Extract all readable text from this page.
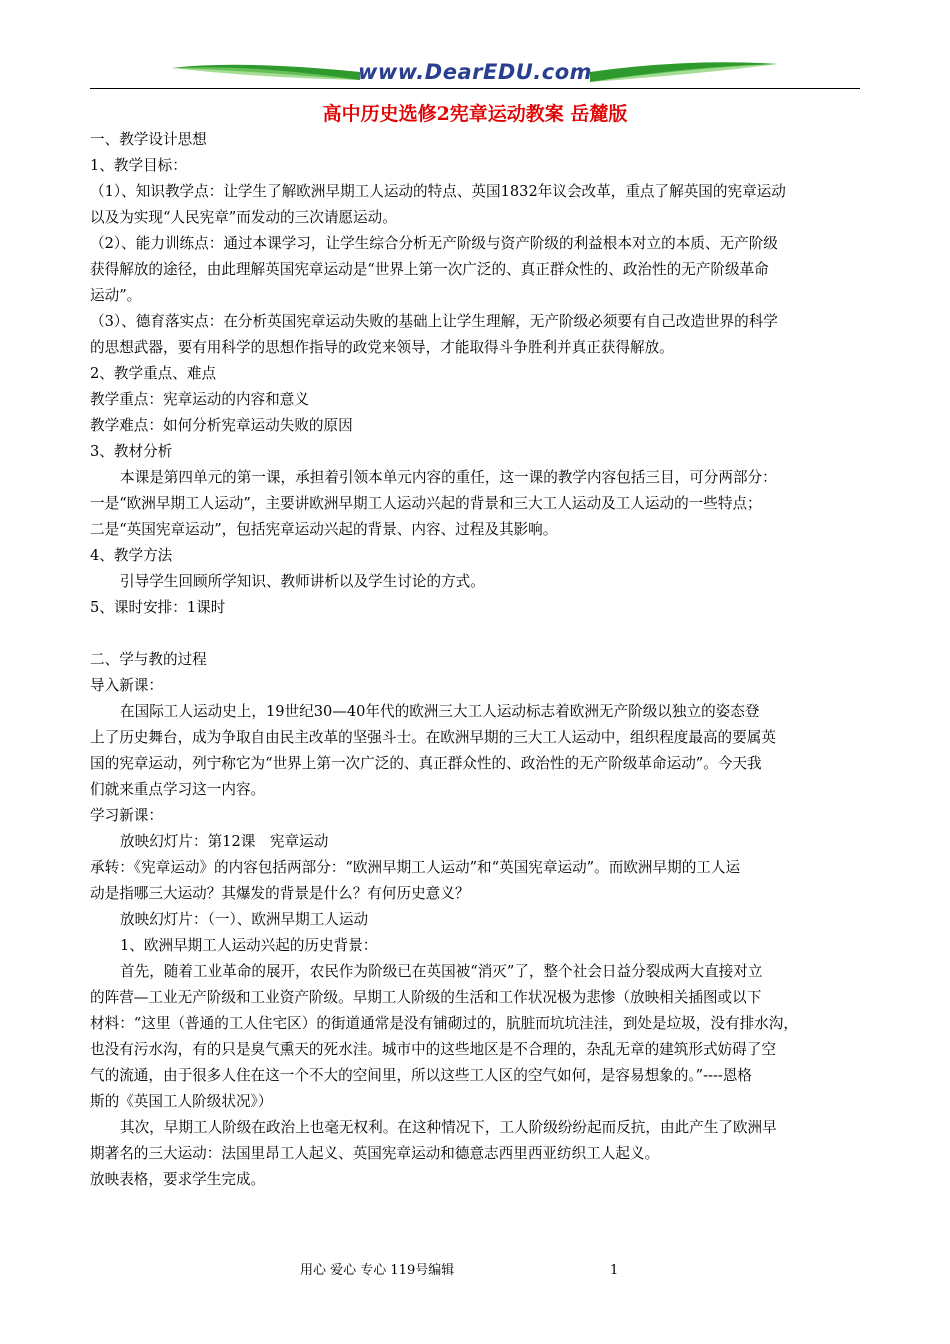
www.DearEDU.com
高中历史选修2宪章运动教案 岳麓版
一、教学设计思想
1、教学目标：
（1）、知识教学点：让学生了解欧洲早期工人运动的特点、英国1832年议会改革，重点了解英国的宪章运动
以及为实现“人民宪章”而发动的三次请愿运动。
（2）、能力训练点：通过本课学习，让学生综合分析无产阶级与资产阶级的利益根本对立的本质、无产阶级
获得解放的途径，由此理解英国宪章运动是“世界上第一次广泛的、真正群众性的、政治性的无产阶级革命
运动”。
（3）、德育落实点：在分析英国宪章运动失败的基础上让学生理解，无产阶级必须要有自己改造世界的科学
的思想武器，要有用科学的思想作指导的政党来领导，才能取得斗争胜利并真正获得解放。
2、教学重点、难点
教学重点：宪章运动的内容和意义
教学难点：如何分析宪章运动失败的原因
3、教材分析
本课是第四单元的第一课，承担着引领本单元内容的重任，这一课的教学内容包括三目，可分两部分：
一是“欧洲早期工人运动”，主要讲欧洲早期工人运动兴起的背景和三大工人运动及工人运动的一些特点；
二是“英国宪章运动”，包括宪章运动兴起的背景、内容、过程及其影响。
4、教学方法
引导学生回顾所学知识、教师讲析以及学生讨论的方式。
5、课时安排：1课时
二、学与教的过程
导入新课：
在国际工人运动史上，19世纪30—40年代的欧洲三大工人运动标志着欧洲无产阶级以独立的姿态登
上了历史舞台，成为争取自由民主改革的坚强斗士。在欧洲早期的三大工人运动中，组织程度最高的要属英
国的宪章运动，列宁称它为“世界上第一次广泛的、真正群众性的、政治性的无产阶级革命运动”。今天我
们就来重点学习这一内容。
学习新课：
放映幻灯片：第12课　宪章运动
承转：《宪章运动》的内容包括两部分：“欧洲早期工人运动”和“英国宪章运动”。而欧洲早期的工人运
动是指哪三大运动？其爆发的背景是什么？有何历史意义？
放映幻灯片：（一）、欧洲早期工人运动
1、欧洲早期工人运动兴起的历史背景：
首先，随着工业革命的展开，农民作为阶级已在英国被“消灭”了，整个社会日益分裂成两大直接对立
的阵营—工业无产阶级和工业资产阶级。早期工人阶级的生活和工作状况极为悲惨（放映相关插图或以下
材料：“这里（普通的工人住宅区）的街道通常是没有铺砌过的，肮脏而坑坑洼洼，到处是垃圾，没有排水沟，
也没有污水沟，有的只是臭气熏天的死水洼。城市中的这些地区是不合理的，杂乱无章的建筑形式妨碍了空
气的流通，由于很多人住在这一个不大的空间里，所以这些工人区的空气如何，是容易想象的。”----恩格
斯的《英国工人阶级状况》）
其次，早期工人阶级在政治上也毫无权利。在这种情况下，工人阶级纷纷起而反抗，由此产生了欧洲早
期著名的三大运动：法国里昂工人起义、英国宪章运动和德意志西里西亚纺织工人起义。
放映表格，要求学生完成。
用心 爱心 专心 119号编辑	1
